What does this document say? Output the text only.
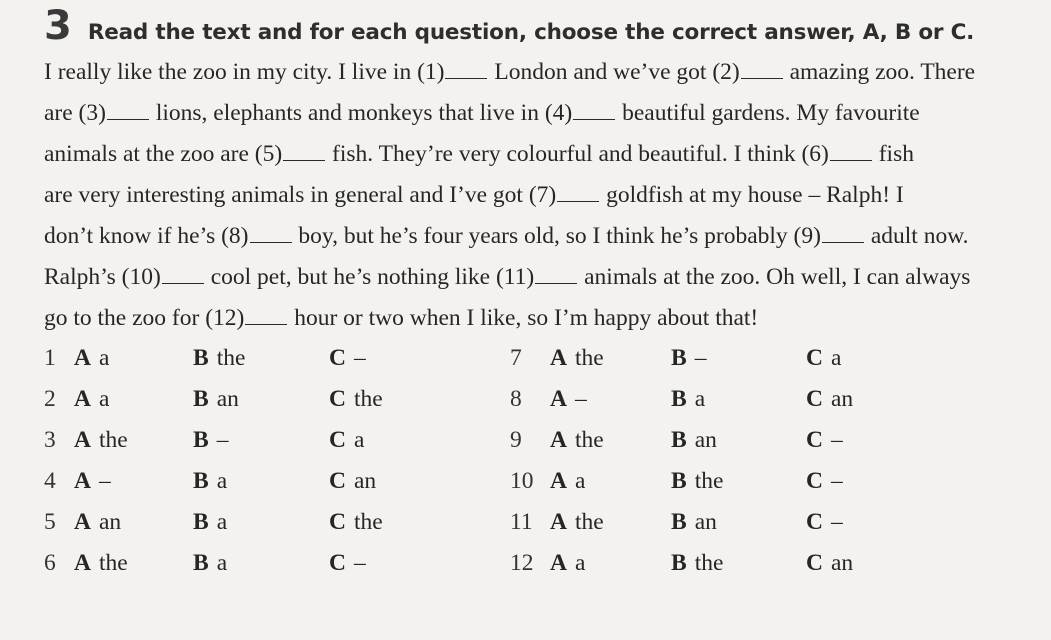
3 Read the text and for each question, choose the correct answer, A, B or C.
I really like the zoo in my city. I live in (1) London and we’ve got (2) amazing zoo. There
are (3) lions, elephants and monkeys that live in (4) beautiful gardens. My favourite
animals at the zoo are (5) fish. They’re very colourful and beautiful. I think (6) fish
are very interesting animals in general and I’ve got (7) goldfish at my house – Ralph! I
don’t know if he’s (8) boy, but he’s four years old, so I think he’s probably (9) adult now.
Ralph’s (10) cool pet, but he’s nothing like (11) animals at the zoo. Oh well, I can always
go to the zoo for (12) hour or two when I like, so I’m happy about that!
1 A a	B the	C –	7 A the	B –	C a
2 A a	B an	C the	8 A –	B a	C an
3 A the	B –	C a	9 A the	B an	C –
4 A –	B a	C an	10 A a	B the	C –
5 A an	B a	C the	11 A the	B an	C –
6 A the	B a	C –	12 A a	B the	C an
